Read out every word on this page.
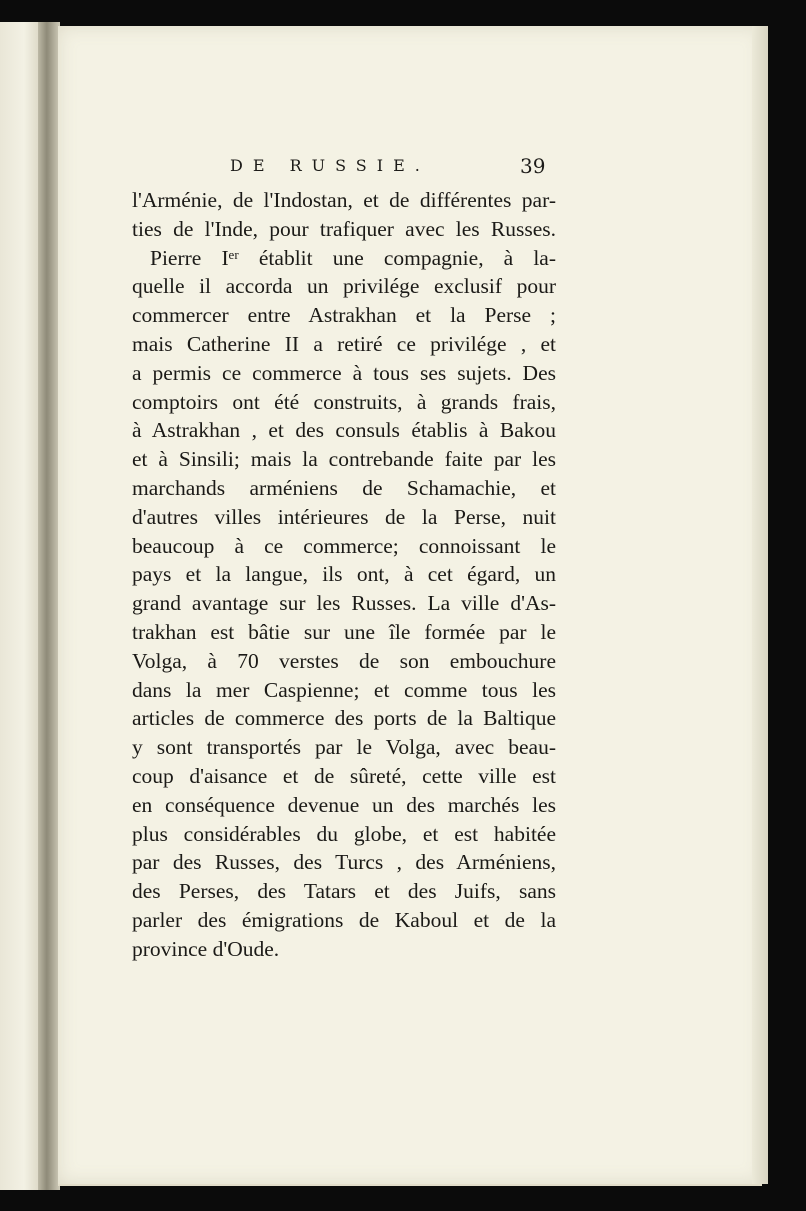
DE RUSSIE.	39
l'Arménie, de l'Indostan, et de différentes par-
ties de l'Inde, pour trafiquer avec les Russes.
Pierre Iᵉʳ établit une compagnie, à la-
quelle il accorda un privilége exclusif pour
commercer entre Astrakhan et la Perse ;
mais Catherine II a retiré ce privilége , et
a permis ce commerce à tous ses sujets. Des
comptoirs ont été construits, à grands frais,
à Astrakhan , et des consuls établis à Bakou
et à Sinsili; mais la contrebande faite par les
marchands arméniens de Schamachie, et
d'autres villes intérieures de la Perse, nuit
beaucoup à ce commerce; connoissant le
pays et la langue, ils ont, à cet égard, un
grand avantage sur les Russes. La ville d'As-
trakhan est bâtie sur une île formée par le
Volga, à 70 verstes de son embouchure
dans la mer Caspienne; et comme tous les
articles de commerce des ports de la Baltique
y sont transportés par le Volga, avec beau-
coup d'aisance et de sûreté, cette ville est
en conséquence devenue un des marchés les
plus considérables du globe, et est habitée
par des Russes, des Turcs , des Arméniens,
des Perses, des Tatars et des Juifs, sans
parler des émigrations de Kaboul et de la
province d'Oude.
